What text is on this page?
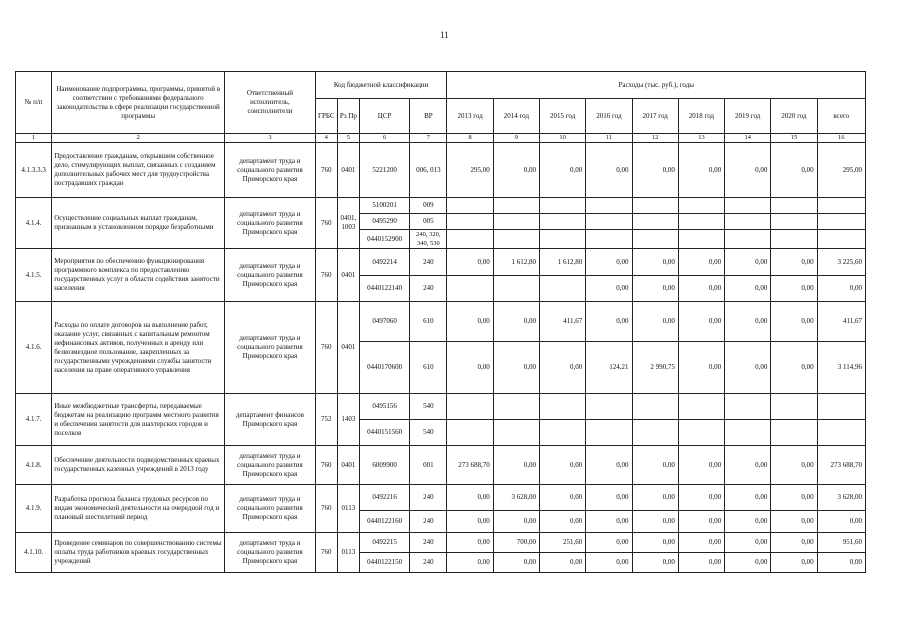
11
№ п/п	Наименование подпрограммы, программы, принятой в соответствии с требованиями федерального законодательства в сфере реализации государственной программы	Ответственный исполнитель, соисполнители	Код бюджетной классификации				Расходы (тыс. руб.), годы								
			ГРБС	Рз Пр	ЦСР	ВР	2013 год	2014 год	2015 год	2016 год	2017 год	2018 год	2019 год	2020 год	всего
1	2	3	4	5	6	7	8	9	10	11	12	13	14	15	16
4.1.3.3.3	Предоставление гражданам, открывшим собственное дело, стимулирующих выплат, связанных с созданием дополнительных рабочих мест для трудоустройства пострадавших граждан	департамент труда и социального развития Приморского края	760	0401	5221200	006, 013	295,00	0,00	0,00	0,00	0,00	0,00	0,00	0,00	295,00
4.1.4.	Осуществление социальных выплат гражданам, признанным в установленном порядке безработными	департамент труда и социального развития Приморского края	760	0401, 1003	5100201	009									
					0495290	005									
					0440152900	240, 320, 340, 530									
4.1.5.	Мероприятия по обеспечению функционирования программного комплекса по предоставлению государственных услуг в области содействия занятости населения	департамент труда и социального развития Приморского края	760	0401	0492214	240	0,00	1 612,80	1 612,80	0,00	0,00	0,00	0,00	0,00	3 225,60
					0440122140	240				0,00	0,00	0,00	0,00	0,00	0,00
4.1.6.	Расходы по оплате договоров на выполнение работ, оказание услуг, связанных с капитальным ремонтом нефинансовых активов, полученных в аренду или безвозмездное пользование, закрепленных за государственными учреждениями службы занятости населения на праве оперативного управления	департамент труда и социального развития Приморского края	760	0401	0497060	610	0,00	0,00	411,67	0,00	0,00	0,00	0,00	0,00	411,67
					0440170600	610	0,00	0,00	0,00	124,21	2 990,75	0,00	0,00	0,00	3 114,96
4.1.7.	Иные межбюджетные трансферты, передаваемые бюджетам на реализацию программ местного развития и обеспечения занятости для шахтерских городов и поселков	департамент финансов Приморского края	752	1403	0495156	540									
					0440151560	540									
4.1.8.	Обеспечение деятельности подведомственных краевых государственных казенных учреждений в 2013 году	департамент труда и социального развития Приморского края	760	0401	6009900	001	273 688,70	0,00	0,00	0,00	0,00	0,00	0,00	0,00	273 688,70
4.1.9.	Разработка прогноза баланса трудовых ресурсов по видам экономической деятельности на очередной год и плановый шестилетний период	департамент труда и социального развития Приморского края	760	0113	0492216	240	0,00	3 628,00	0,00	0,00	0,00	0,00	0,00	0,00	3 628,00
					0440122160	240	0,00	0,00	0,00	0,00	0,00	0,00	0,00	0,00	0,00
4.1.10.	Проведение семинаров по совершенствованию системы оплаты труда работников краевых государственных учреждений	департамент труда и социального развития Приморского края	760	0113	0492215	240	0,00	700,00	251,60	0,00	0,00	0,00	0,00	0,00	951,60
					0440122150	240	0,00	0,00	0,00	0,00	0,00	0,00	0,00	0,00	0,00
